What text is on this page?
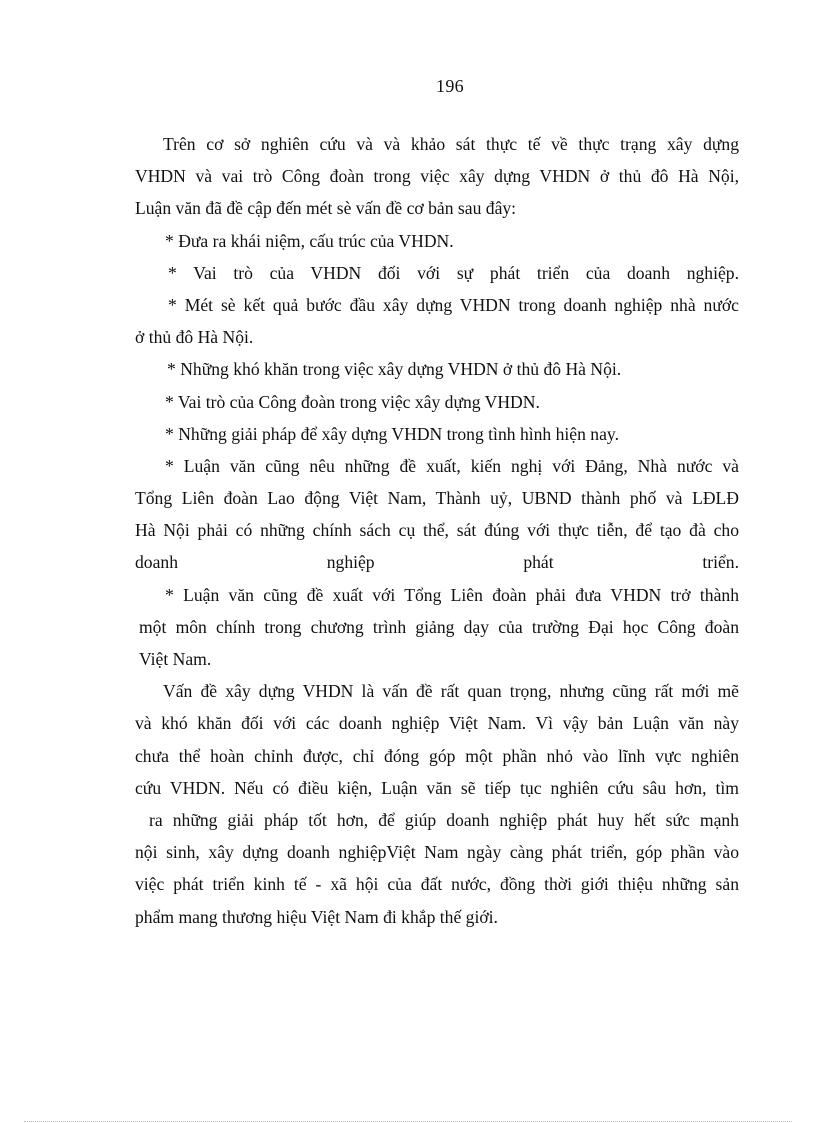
196
Trên cơ sở nghiên cứu và và khảo sát thực tế về thực trạng xây dựng
VHDN và vai trò Công đoàn trong việc xây dựng VHDN ở thủ đô Hà Nội,
Luận văn đã đề cập đến mét sè vấn đề cơ bản sau đây:
* Đưa ra khái niệm, cấu trúc của VHDN.
* Vai trò của VHDN đối với sự phát triển của doanh nghiệp.
* Mét sè kết quả bước đầu xây dựng VHDN trong doanh nghiệp nhà nước
ở thủ đô Hà Nội.
* Những khó khăn trong việc xây dựng VHDN ở thủ đô Hà Nội.
* Vai trò của Công đoàn trong việc xây dựng VHDN.
* Những giải pháp để xây dựng VHDN trong tình hình hiện nay.
* Luận văn cũng nêu những đề xuất, kiến nghị với Đảng, Nhà nước và
Tổng Liên đoàn Lao động Việt Nam, Thành uỷ, UBND thành phố và LĐLĐ
Hà Nội phải có những chính sách cụ thể, sát đúng với thực tiễn, để tạo đà cho
doanh nghiệp phát triển.
* Luận văn cũng đề xuất với Tổng Liên đoàn phải đưa VHDN trở thành
một môn chính trong chương trình giảng dạy của trường Đại học Công đoàn
Việt Nam.
Vấn đề xây dựng VHDN là vấn đề rất quan trọng, nhưng cũng rất mới mẽ
và khó khăn đối với các doanh nghiệp Việt Nam. Vì vậy bản Luận văn này
chưa thể hoàn chỉnh được, chỉ đóng góp một phần nhỏ vào lĩnh vực nghiên
cứu VHDN. Nếu có điều kiện, Luận văn sẽ tiếp tục nghiên cứu sâu hơn, tìm
ra những giải pháp tốt hơn, để giúp doanh nghiệp phát huy hết sức mạnh
nội sinh, xây dựng doanh nghiệpViệt Nam ngày càng phát triển, góp phần vào
việc phát triển kinh tế - xã hội của đất nước, đồng thời giới thiệu những sản
phẩm mang thương hiệu Việt Nam đi khắp thế giới.
